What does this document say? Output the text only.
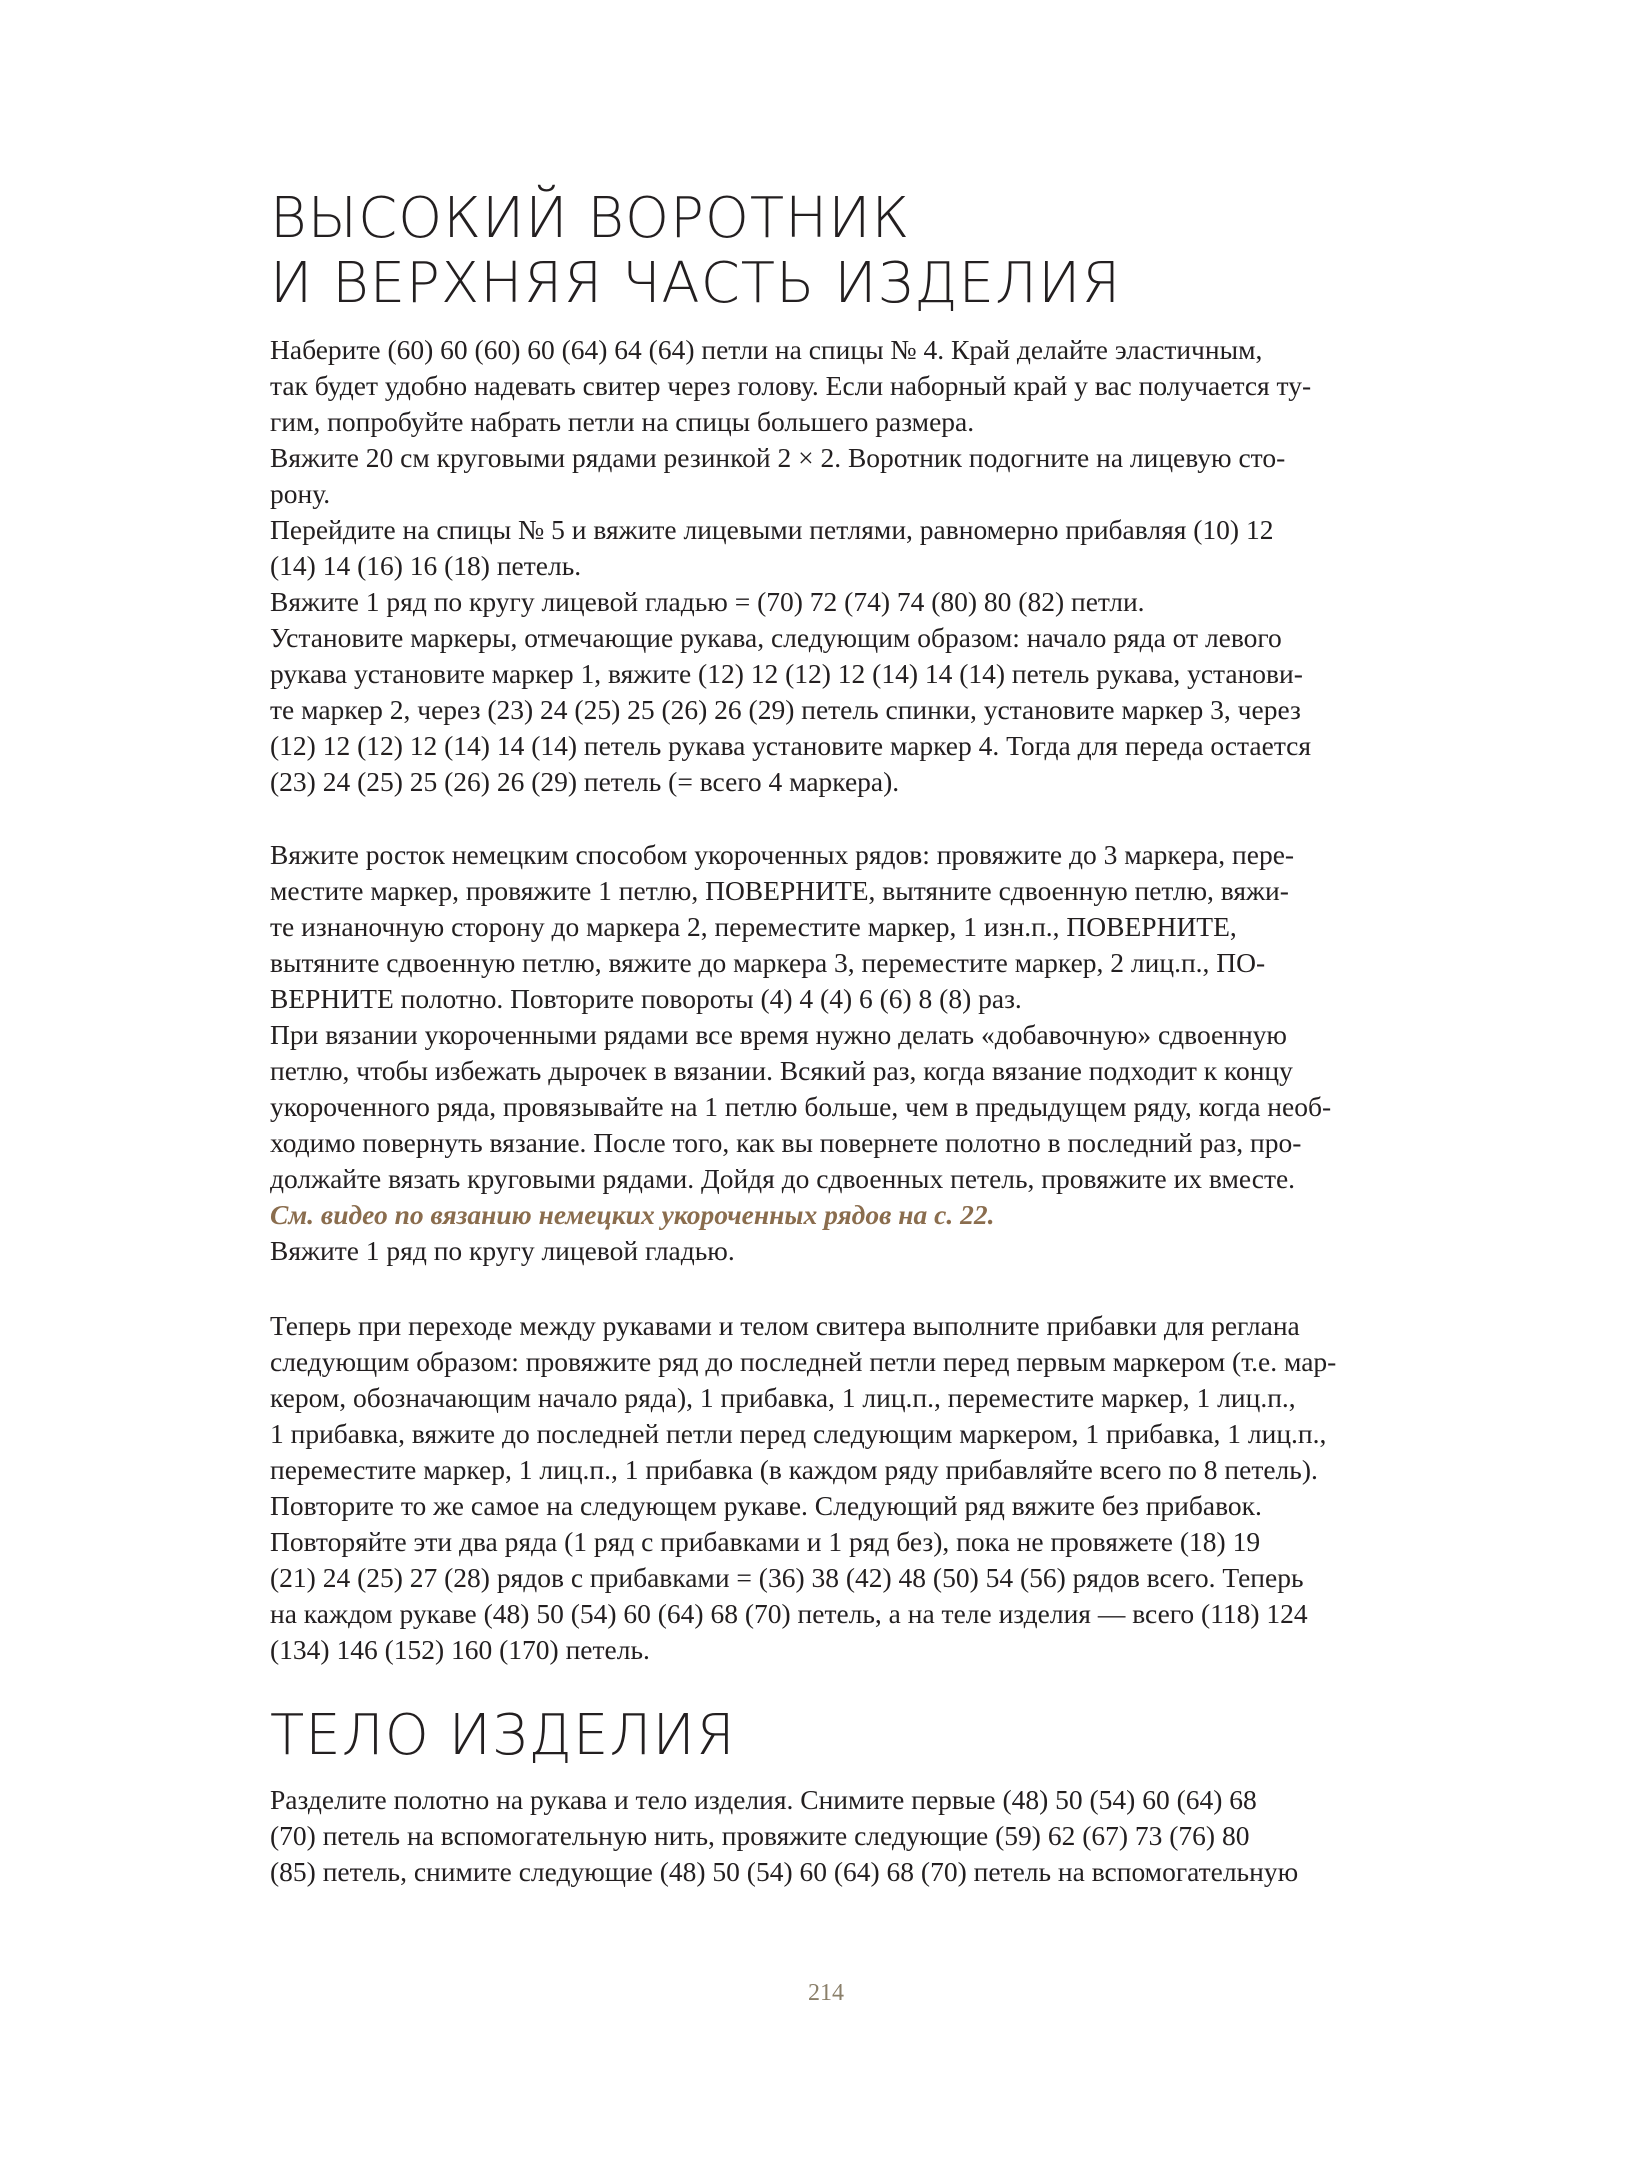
ВЫСОКИЙ ВОРОТНИК
И ВЕРХНЯЯ ЧАСТЬ ИЗДЕЛИЯ
Наберите (60) 60 (60) 60 (64) 64 (64) петли на спицы № 4. Край делайте эластичным,
так будет удобно надевать свитер через голову. Если наборный край у вас получается ту-
гим, попробуйте набрать петли на спицы большего размера.
Вяжите 20 см круговыми рядами резинкой 2 × 2. Воротник подогните на лицевую сто-
рону.
Перейдите на спицы № 5 и вяжите лицевыми петлями, равномерно прибавляя (10) 12
(14) 14 (16) 16 (18) петель.
Вяжите 1 ряд по кругу лицевой гладью = (70) 72 (74) 74 (80) 80 (82) петли.
Установите маркеры, отмечающие рукава, следующим образом: начало ряда от левого
рукава установите маркер 1, вяжите (12) 12 (12) 12 (14) 14 (14) петель рукава, установи-
те маркер 2, через (23) 24 (25) 25 (26) 26 (29) петель спинки, установите маркер 3, через
(12) 12 (12) 12 (14) 14 (14) петель рукава установите маркер 4. Тогда для переда остается
(23) 24 (25) 25 (26) 26 (29) петель (= всего 4 маркера).
Вяжите росток немецким способом укороченных рядов: провяжите до 3 маркера, пере-
местите маркер, провяжите 1 петлю, ПОВЕРНИТЕ, вытяните сдвоенную петлю, вяжи-
те изнаночную сторону до маркера 2, переместите маркер, 1 изн.п., ПОВЕРНИТЕ,
вытяните сдвоенную петлю, вяжите до маркера 3, переместите маркер, 2 лиц.п., ПО-
ВЕРНИТЕ полотно. Повторите повороты (4) 4 (4) 6 (6) 8 (8) раз.
При вязании укороченными рядами все время нужно делать «добавочную» сдвоенную
петлю, чтобы избежать дырочек в вязании. Всякий раз, когда вязание подходит к концу
укороченного ряда, провязывайте на 1 петлю больше, чем в предыдущем ряду, когда необ-
ходимо повернуть вязание. После того, как вы повернете полотно в последний раз, про-
должайте вязать круговыми рядами. Дойдя до сдвоенных петель, провяжите их вместе.
См. видео по вязанию немецких укороченных рядов на с. 22.
Вяжите 1 ряд по кругу лицевой гладью.
Теперь при переходе между рукавами и телом свитера выполните прибавки для реглана
следующим образом: провяжите ряд до последней петли перед первым маркером (т.е. мар-
кером, обозначающим начало ряда), 1 прибавка, 1 лиц.п., переместите маркер, 1 лиц.п.,
1 прибавка, вяжите до последней петли перед следующим маркером, 1 прибавка, 1 лиц.п.,
переместите маркер, 1 лиц.п., 1 прибавка (в каждом ряду прибавляйте всего по 8 петель).
Повторите то же самое на следующем рукаве. Следующий ряд вяжите без прибавок.
Повторяйте эти два ряда (1 ряд с прибавками и 1 ряд без), пока не провяжете (18) 19
(21) 24 (25) 27 (28) рядов с прибавками = (36) 38 (42) 48 (50) 54 (56) рядов всего. Теперь
на каждом рукаве (48) 50 (54) 60 (64) 68 (70) петель, а на теле изделия — всего (118) 124
(134) 146 (152) 160 (170) петель.
ТЕЛО ИЗДЕЛИЯ
Разделите полотно на рукава и тело изделия. Снимите первые (48) 50 (54) 60 (64) 68
(70) петель на вспомогательную нить, провяжите следующие (59) 62 (67) 73 (76) 80
(85) петель, снимите следующие (48) 50 (54) 60 (64) 68 (70) петель на вспомогательную
214
